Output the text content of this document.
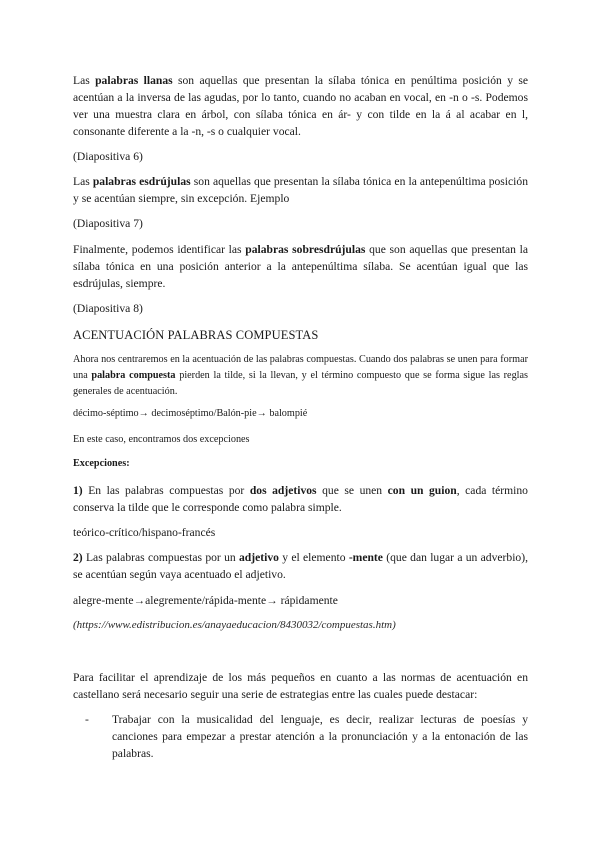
Las palabras llanas son aquellas que presentan la sílaba tónica en penúltima posición y se acentúan a la inversa de las agudas, por lo tanto, cuando no acaban en vocal, en -n o -s. Podemos ver una muestra clara en árbol, con sílaba tónica en ár- y con tilde en la á al acabar en l, consonante diferente a la -n, -s o cualquier vocal.

(Diapositiva 6)

Las palabras esdrújulas son aquellas que presentan la sílaba tónica en la antepenúltima posición y se acentúan siempre, sin excepción. Ejemplo

(Diapositiva 7)

Finalmente, podemos identificar las palabras sobresdrújulas que son aquellas que presentan la sílaba tónica en una posición anterior a la antepenúltima sílaba. Se acentúan igual que las esdrújulas, siempre.

(Diapositiva 8)

ACENTUACIÓN PALABRAS COMPUESTAS

Ahora nos centraremos en la acentuación de las palabras compuestas. Cuando dos palabras se unen para formar una palabra compuesta pierden la tilde, si la llevan, y el término compuesto que se forma sigue las reglas generales de acentuación.

décimo-séptimo→ decimoséptimo/Balón-pie→ balompié

En este caso, encontramos dos excepciones

Excepciones:

1) En las palabras compuestas por dos adjetivos que se unen con un guion, cada término conserva la tilde que le corresponde como palabra simple.

teórico-crítico/hispano-francés

2) Las palabras compuestas por un adjetivo y el elemento -mente (que dan lugar a un adverbio), se acentúan según vaya acentuado el adjetivo.

alegre-mente→alegremente/rápida-mente→ rápidamente

(https://www.edistribucion.es/anayaeducacion/8430032/compuestas.htm)

Para facilitar el aprendizaje de los más pequeños en cuanto a las normas de acentuación en castellano será necesario seguir una serie de estrategias entre las cuales puede destacar:

- Trabajar con la musicalidad del lenguaje, es decir, realizar lecturas de poesías y canciones para empezar a prestar atención a la pronunciación y a la entonación de las palabras.
